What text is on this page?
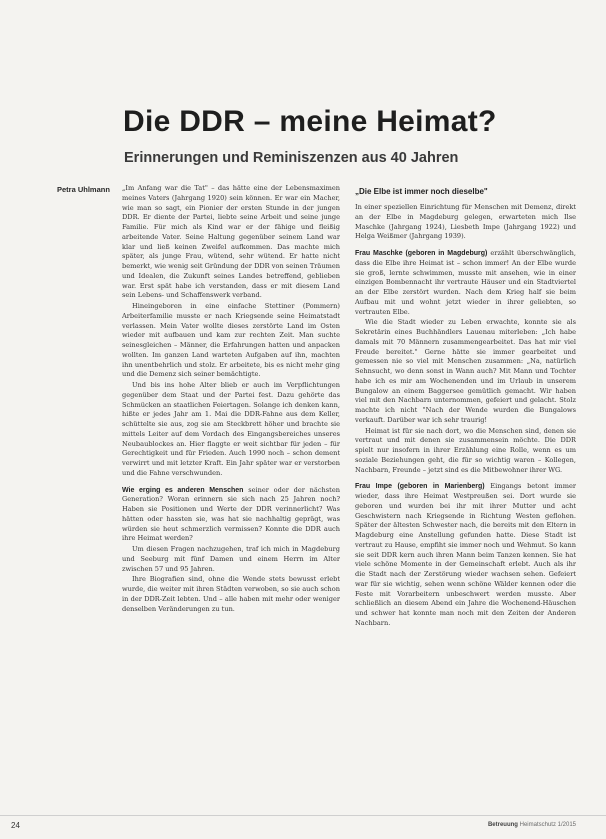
Die DDR – meine Heimat?
Erinnerungen und Reminiszenzen aus 40 Jahren
Petra Uhlmann „Im Anfang war die Tat" – das hätte eine der Lebensmaximen meines Vaters (Jahrgang 1920) sein können. Er war ein Macher, wie man so sagt, ein Pionier der ersten Stunde in der jungen DDR. Er diente der Partei, liebte seine Arbeit und seine junge Familie. Für mich als Kind war er der fähige und fleißig arbeitende Vater. Seine Haltung gegenüber seinem Land war klar und ließ keinen Zweifel aufkommen. Das machte mich später, als junge Frau, wütend, sehr wütend. Er hatte nicht bemerkt, wie wenig seit Gründung der DDR von seinen Träumen und Idealen, die Zukunft seines Landes betreffend, geblieben war. Erst spät habe ich verstanden, dass er mit diesem Land sein Lebens- und Schaffenswerk verband.

Hineingeboren in eine einfache Stettiner (Pommern) Arbeiterfamilie musste er nach Kriegsende seine Heimatstadt verlassen. Mein Vater wollte dieses zerstörte Land im Osten wieder mit aufbauen und kam zur rechten Zeit. Man suchte seinesgleichen – Männer, die Erfahrungen hatten und anpacken wollten. Im ganzen Land warteten Aufgaben auf ihn, machten ihn unentbehrlich und stolz. Er arbeitete, bis es nicht mehr ging und die Demenz sich seiner bemächtigte.

Und bis ins hohe Alter blieb er auch im Verpflichtungen gegenüber dem Staat und der Partei fest. Dazu gehörte das Schmücken an staatlichen Feiertagen. Solange ich denken kann, hißte er jedes Jahr am 1. Mai die DDR-Fahne aus dem Keller, schüttelte sie aus, zog sie am Steckbrett höher und brachte sie mittels Leiter auf dem Vordach des Eingangsbereiches unseres Neubaublockes an. Hier flaggte er weit sichtbar für jeden – für Gerechtigkeit und für Frieden. Auch 1990 noch – schon dement verwirrt und mit letzter Kraft. Ein Jahr später war er verstorben und die Fahne verschwunden.

Wie erging es anderen Menschen seiner oder der nächsten Generation? Woran erinnern sie sich nach 25 Jahren noch? Haben sie Positionen und Werte der DDR verinnerlicht? Was hätten oder hassten sie, was hat sie nachhaltig geprägt, was würden sie heut schmerzlich vermissen? Konnte die DDR auch ihre Heimat werden?

Um diesen Fragen nachzugehen, traf ich mich in Magdeburg und Seeburg mit fünf Damen und einem Herrn im Alter zwischen 57 und 95 Jahren.

Ihre Biografien sind, ohne die Wende stets bewusst erlebt wurde, die weiter mit ihren Städten verwoben, so sie auch schon in der DDR-Zeit lebten. Und – alle haben mit mehr oder weniger denselben Veränderungen zu tun.

„Die Elbe ist immer noch dieselbe"

In einer speziellen Einrichtung für Menschen mit Demenz, direkt an der Elbe in Magdeburg gelegen, erwarteten mich Ilse Maschke (Jahrgang 1924), Liesbeth Impe (Jahrgang 1922) und Helga Weißmer (Jahrgang 1939).

Frau Maschke (geboren in Magdeburg) erzählt überschwänglich, dass die Elbe ihre Heimat ist – schon immer! An der Elbe wurde sie groß, lernte schwimmen, musste mit ansehen, wie in einer einzigen Bombennacht ihr vertraute Häuser und ein Stadtviertel an der Elbe zerstört wurden. Nach dem Krieg half sie beim Aufbau mit und wohnt jetzt wieder in ihrer geliebten, so vertrauten Elbe.

Wie die Stadt wieder zu Leben erwachte, konnte sie als Sekretärin eines Buchhändlers Lauenau miterleben: „Ich habe damals mit 70 Männern zusammengearbeitet. Das hat mir viel Freude bereitet." Gerne hätte sie immer gearbeitet und gemessen nie so viel mit Menschen zusammen: „Na, natürlich Sehnsucht, wo denn sonst in Wann auch? Mit Mann und Tochter habe ich es mir am Wochenenden und im Urlaub in unserem Bungalow an einem Baggersee gemütlich gemacht. Wir haben viel mit den Nachbarn unternommen, gefeiert und gelacht. Stolz machte ich nicht "Nach der Wende wurden die Bungalows verkauft. Darüber war ich sehr traurig!

Heimat ist für sie nach dort, wo die Menschen sind, denen sie vertraut und mit denen sie zusammensein möchte. Die DDR spielt nur insofern in ihrer Erzählung eine Rolle, wenn es um soziale Beziehungen geht, die für so wichtig waren – Kollegen, Nachbarn, Freunde – jetzt sind es die Mitbewohner ihrer WG.

Frau Impe (geboren in Marienberg) Eingangs betont immer wieder, dass ihre Heimat Westpreußen sei. Dort wurde sie geboren und wurden bei ihr mit ihrer Mutter und acht Geschwistern nach Kriegsende in Richtung Westen geflohen. Später der ältesten Schwester nach, die bereits mit den Eltern in Magdeburg eine Anstellung gefunden hatte. Diese Stadt ist vertraut zu Hause, empfiht sie immer noch und Wehmut. So kann sie seit DDR kern auch ihren Mann beim Tanzen kennen. Sie hat viele schöne Momente in der Gemeinschaft erlebt. Auch als ihr die Stadt nach der Zerstörung wieder wachsen sehen. Gefeiert war für sie wichtig, sehen wenn schöne Wälder kennen oder die Feste mit Vorarbeitern unbeschwert werden musste. Aber schließlich an diesem Abend ein Jahre die Wochenend-Häuschen und schwer hat konnte man noch mit den Zeiten der Anderen Nachbarn.

24	Betreuung Heimatschutz 1/2015
